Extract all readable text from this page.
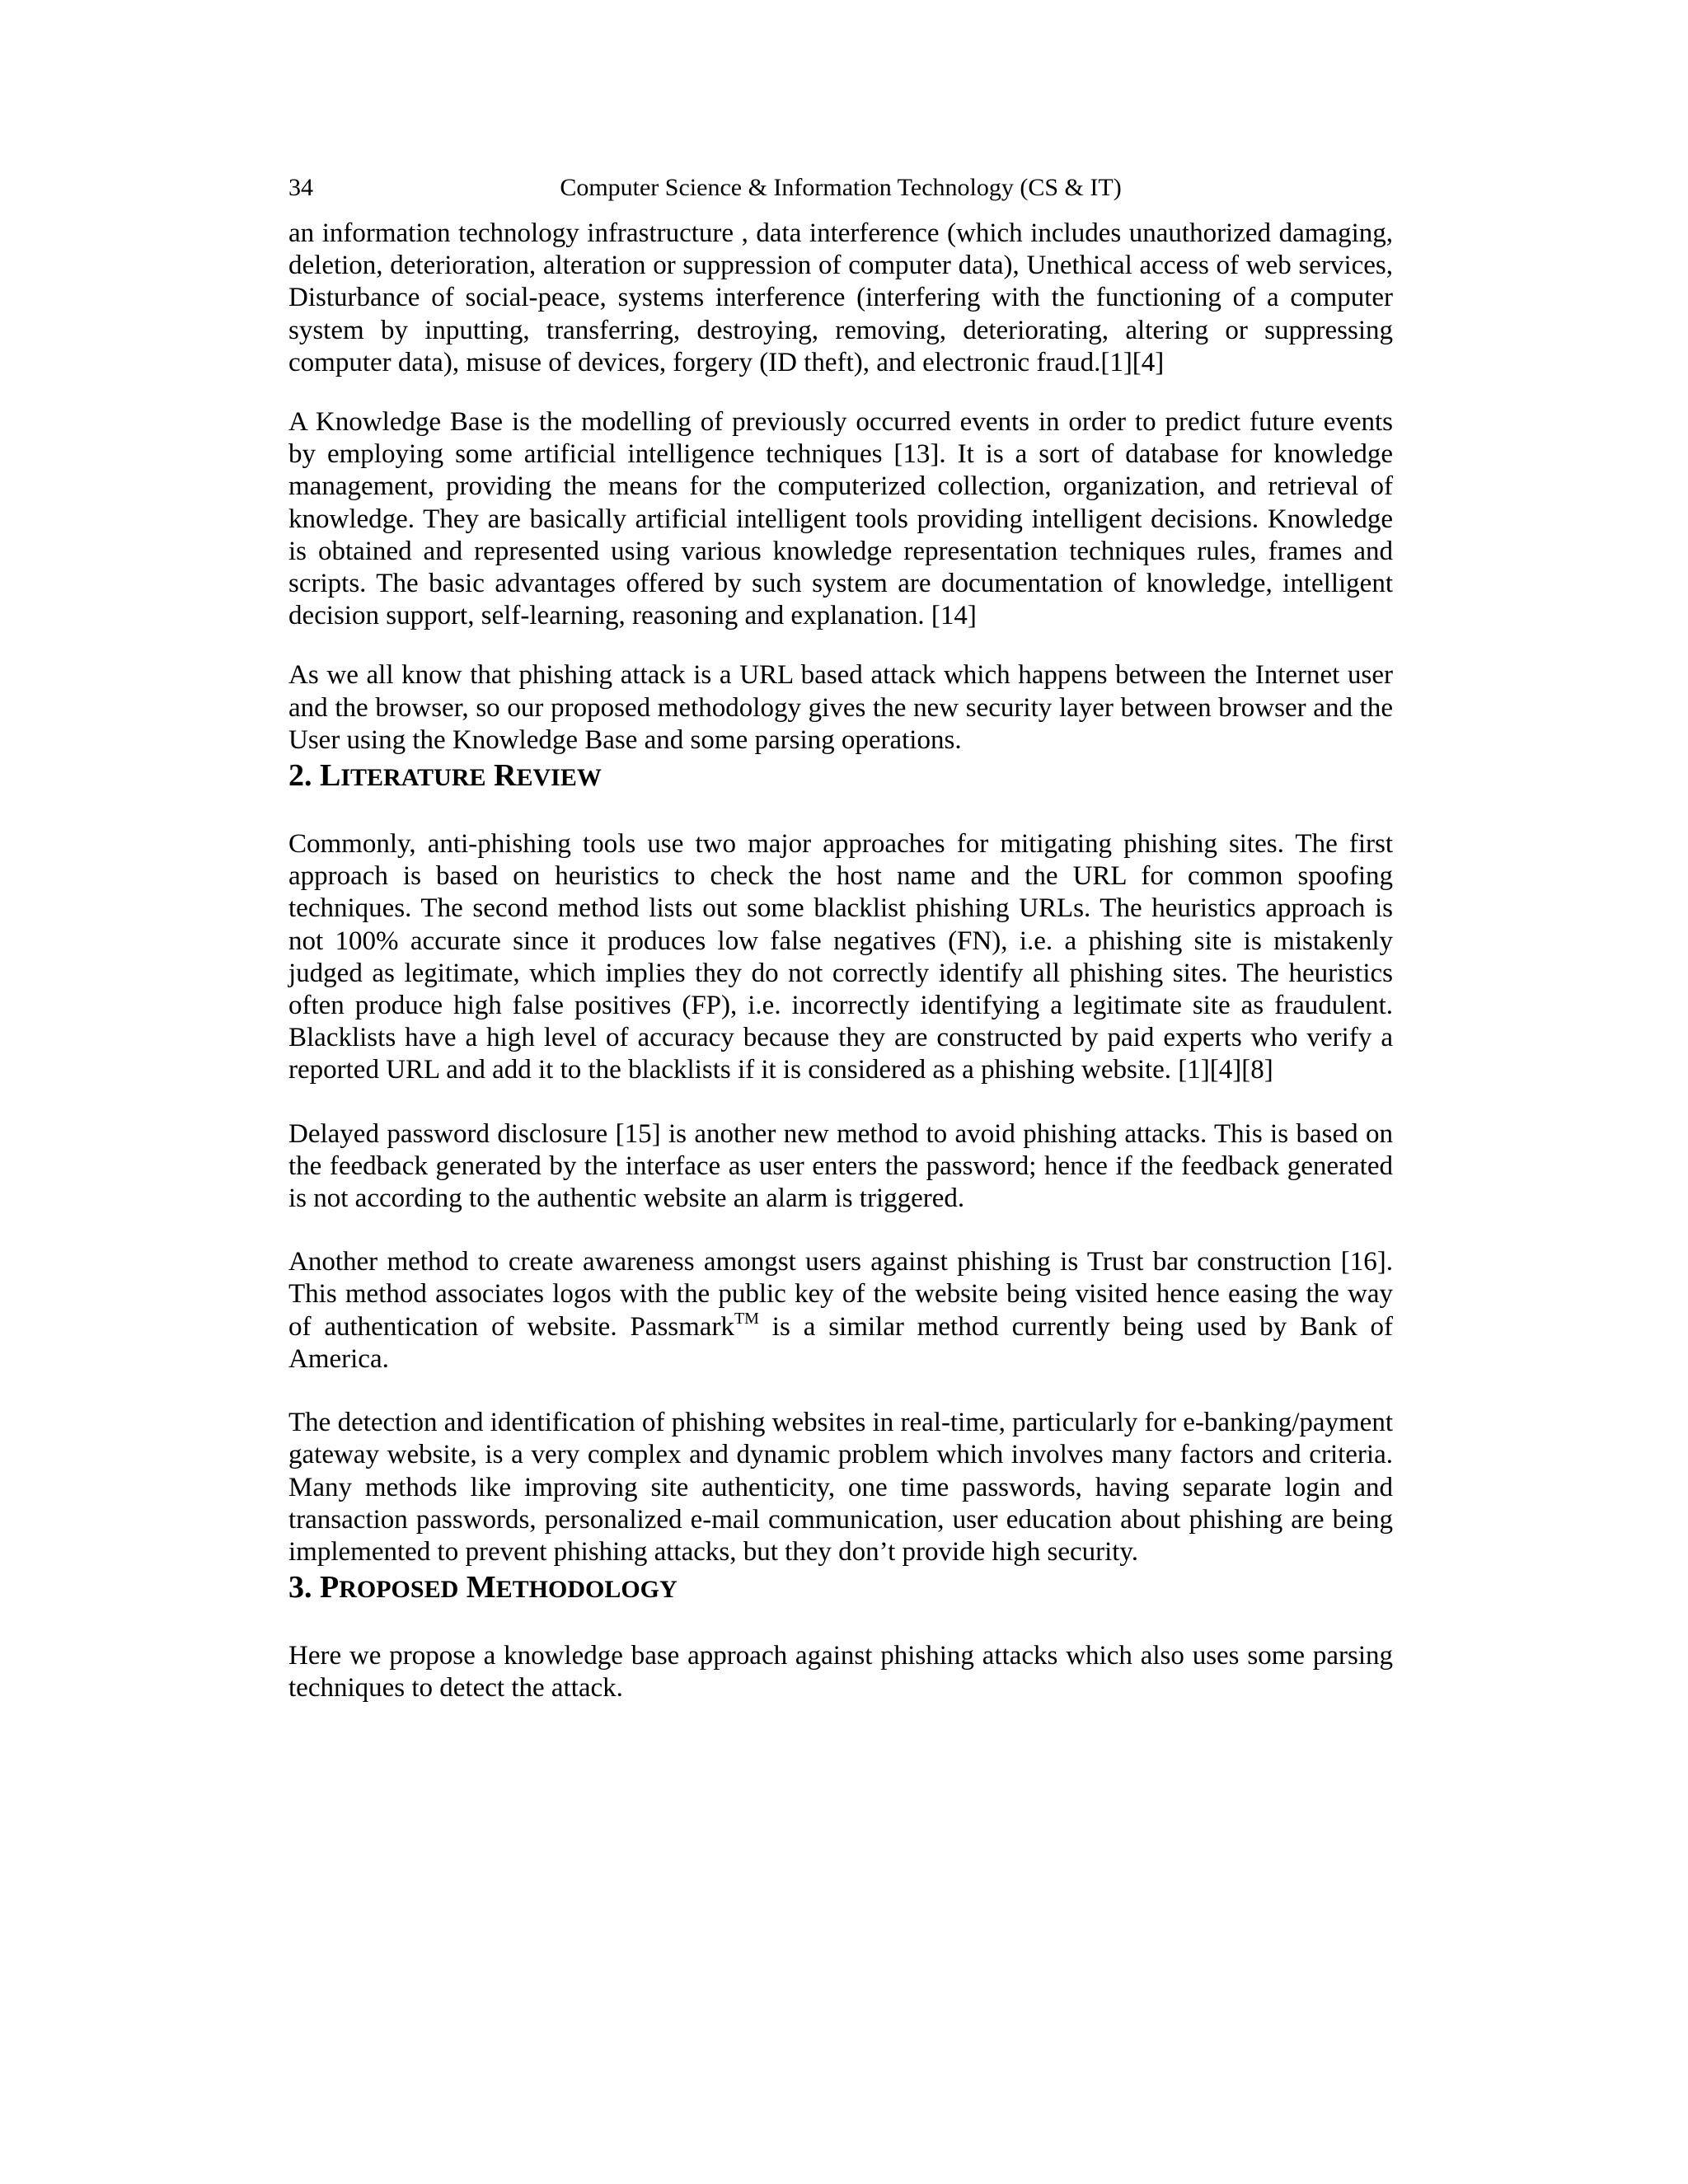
34	Computer Science & Information Technology (CS & IT)

an information technology infrastructure , data interference (which includes unauthorized damaging, deletion, deterioration, alteration or suppression of computer data), Unethical access of web services, Disturbance of social-peace, systems interference (interfering with the functioning of a computer system by inputting, transferring, destroying, removing, deteriorating, altering or suppressing computer data), misuse of devices, forgery (ID theft), and electronic fraud.[1][4]

A Knowledge Base is the modelling of previously occurred events in order to predict future events by employing some artificial intelligence techniques [13]. It is a sort of database for knowledge management, providing the means for the computerized collection, organization, and retrieval of knowledge. They are basically artificial intelligent tools providing intelligent decisions. Knowledge is obtained and represented using various knowledge representation techniques rules, frames and scripts. The basic advantages offered by such system are documentation of knowledge, intelligent decision support, self-learning, reasoning and explanation. [14]

As we all know that phishing attack is a URL based attack which happens between the Internet user and the browser, so our proposed methodology gives the new security layer between browser and the User using the Knowledge Base and some parsing operations.

2. LITERATURE REVIEW

Commonly, anti-phishing tools use two major approaches for mitigating phishing sites. The first approach is based on heuristics to check the host name and the URL for common spoofing techniques. The second method lists out some blacklist phishing URLs. The heuristics approach is not 100% accurate since it produces low false negatives (FN), i.e. a phishing site is mistakenly judged as legitimate, which implies they do not correctly identify all phishing sites. The heuristics often produce high false positives (FP), i.e. incorrectly identifying a legitimate site as fraudulent. Blacklists have a high level of accuracy because they are constructed by paid experts who verify a reported URL and add it to the blacklists if it is considered as a phishing website. [1][4][8]

Delayed password disclosure [15] is another new method to avoid phishing attacks. This is based on the feedback generated by the interface as user enters the password; hence if the feedback generated is not according to the authentic website an alarm is triggered.

Another method to create awareness amongst users against phishing is Trust bar construction [16]. This method associates logos with the public key of the website being visited hence easing the way of authentication of website. Passmark™ is a similar method currently being used by Bank of America.

The detection and identification of phishing websites in real-time, particularly for e-banking/payment gateway website, is a very complex and dynamic problem which involves many factors and criteria. Many methods like improving site authenticity, one time passwords, having separate login and transaction passwords, personalized e-mail communication, user education about phishing are being implemented to prevent phishing attacks, but they don’t provide high security.

3. PROPOSED METHODOLOGY

Here we propose a knowledge base approach against phishing attacks which also uses some parsing techniques to detect the attack.
